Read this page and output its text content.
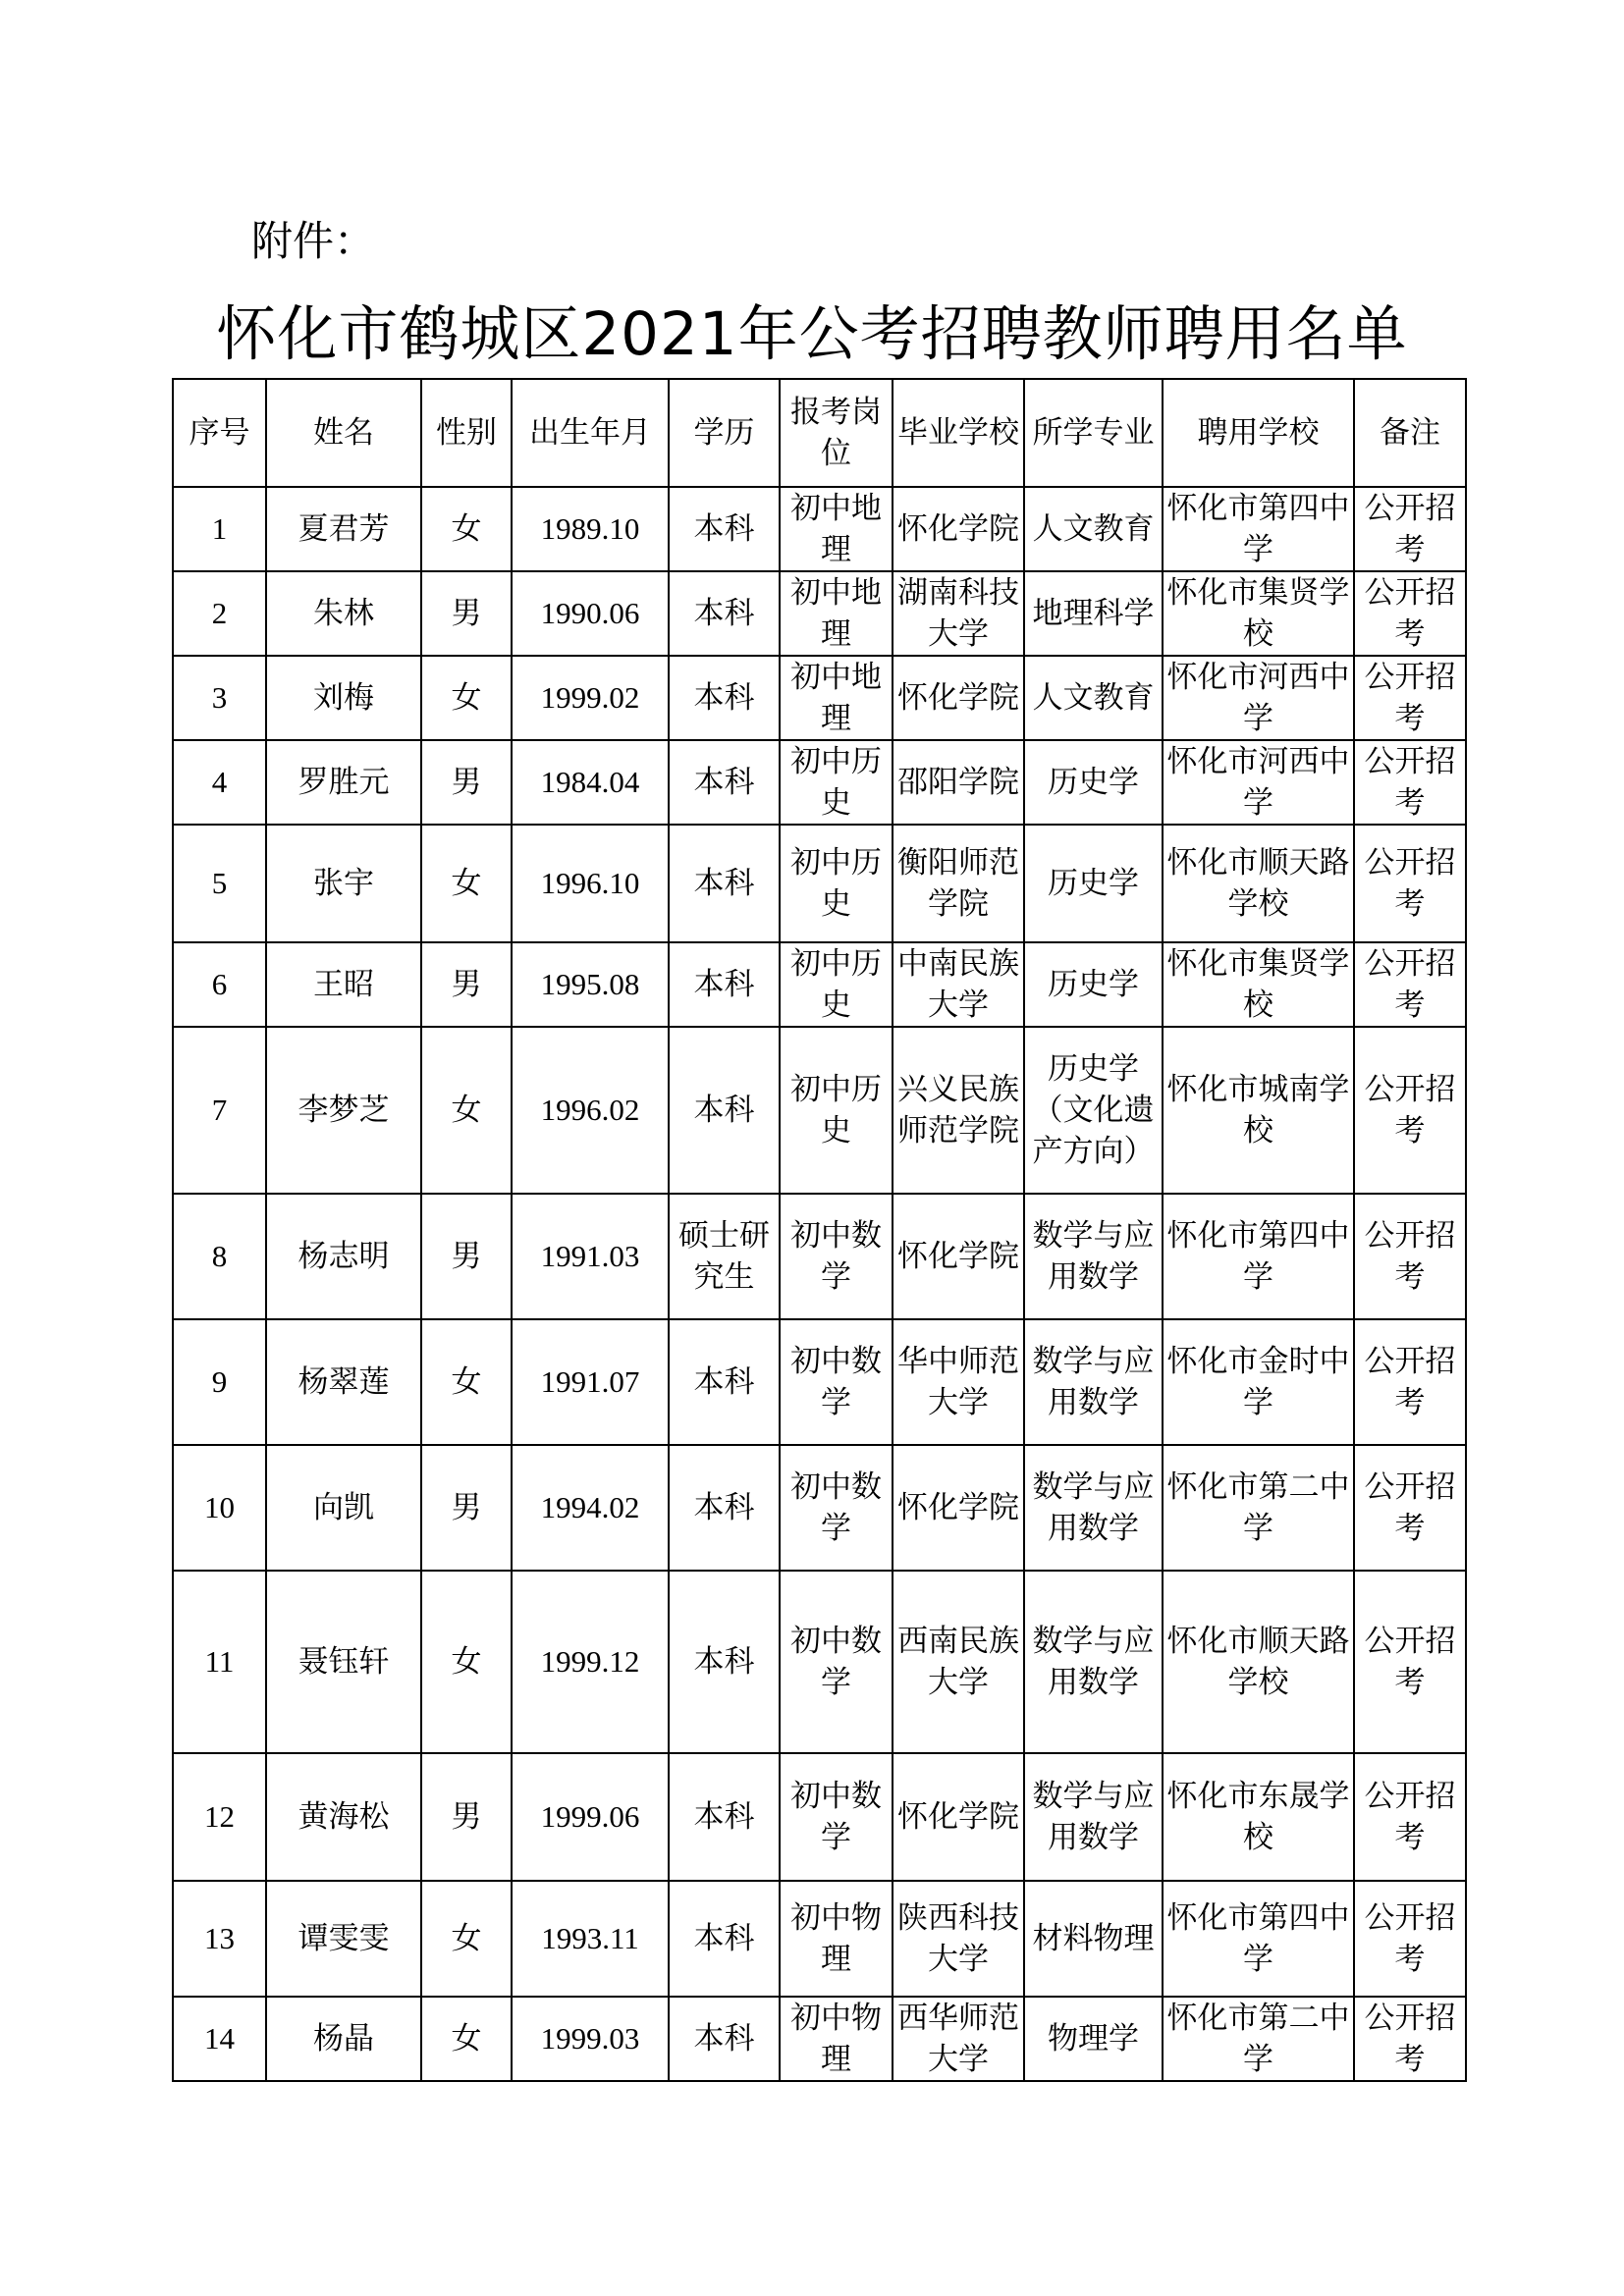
附件：
怀化市鹤城区2021年公考招聘教师聘用名单
序号	姓名	性别	出生年月	学历	报考岗位	毕业学校	所学专业	聘用学校	备注
1	夏君芳	女	1989.10	本科	初中地理	怀化学院	人文教育	怀化市第四中学	公开招考
2	朱林	男	1990.06	本科	初中地理	湖南科技大学	地理科学	怀化市集贤学校	公开招考
3	刘梅	女	1999.02	本科	初中地理	怀化学院	人文教育	怀化市河西中学	公开招考
4	罗胜元	男	1984.04	本科	初中历史	邵阳学院	历史学	怀化市河西中学	公开招考
5	张宇	女	1996.10	本科	初中历史	衡阳师范学院	历史学	怀化市顺天路学校	公开招考
6	王昭	男	1995.08	本科	初中历史	中南民族大学	历史学	怀化市集贤学校	公开招考
7	李梦芝	女	1996.02	本科	初中历史	兴义民族师范学院	历史学（文化遗产方向）	怀化市城南学校	公开招考
8	杨志明	男	1991.03	硕士研究生	初中数学	怀化学院	数学与应用数学	怀化市第四中学	公开招考
9	杨翠莲	女	1991.07	本科	初中数学	华中师范大学	数学与应用数学	怀化市金时中学	公开招考
10	向凯	男	1994.02	本科	初中数学	怀化学院	数学与应用数学	怀化市第二中学	公开招考
11	聂钰轩	女	1999.12	本科	初中数学	西南民族大学	数学与应用数学	怀化市顺天路学校	公开招考
12	黄海松	男	1999.06	本科	初中数学	怀化学院	数学与应用数学	怀化市东晟学校	公开招考
13	谭雯雯	女	1993.11	本科	初中物理	陕西科技大学	材料物理	怀化市第四中学	公开招考
14	杨晶	女	1999.03	本科	初中物理	西华师范大学	物理学	怀化市第二中学	公开招考
